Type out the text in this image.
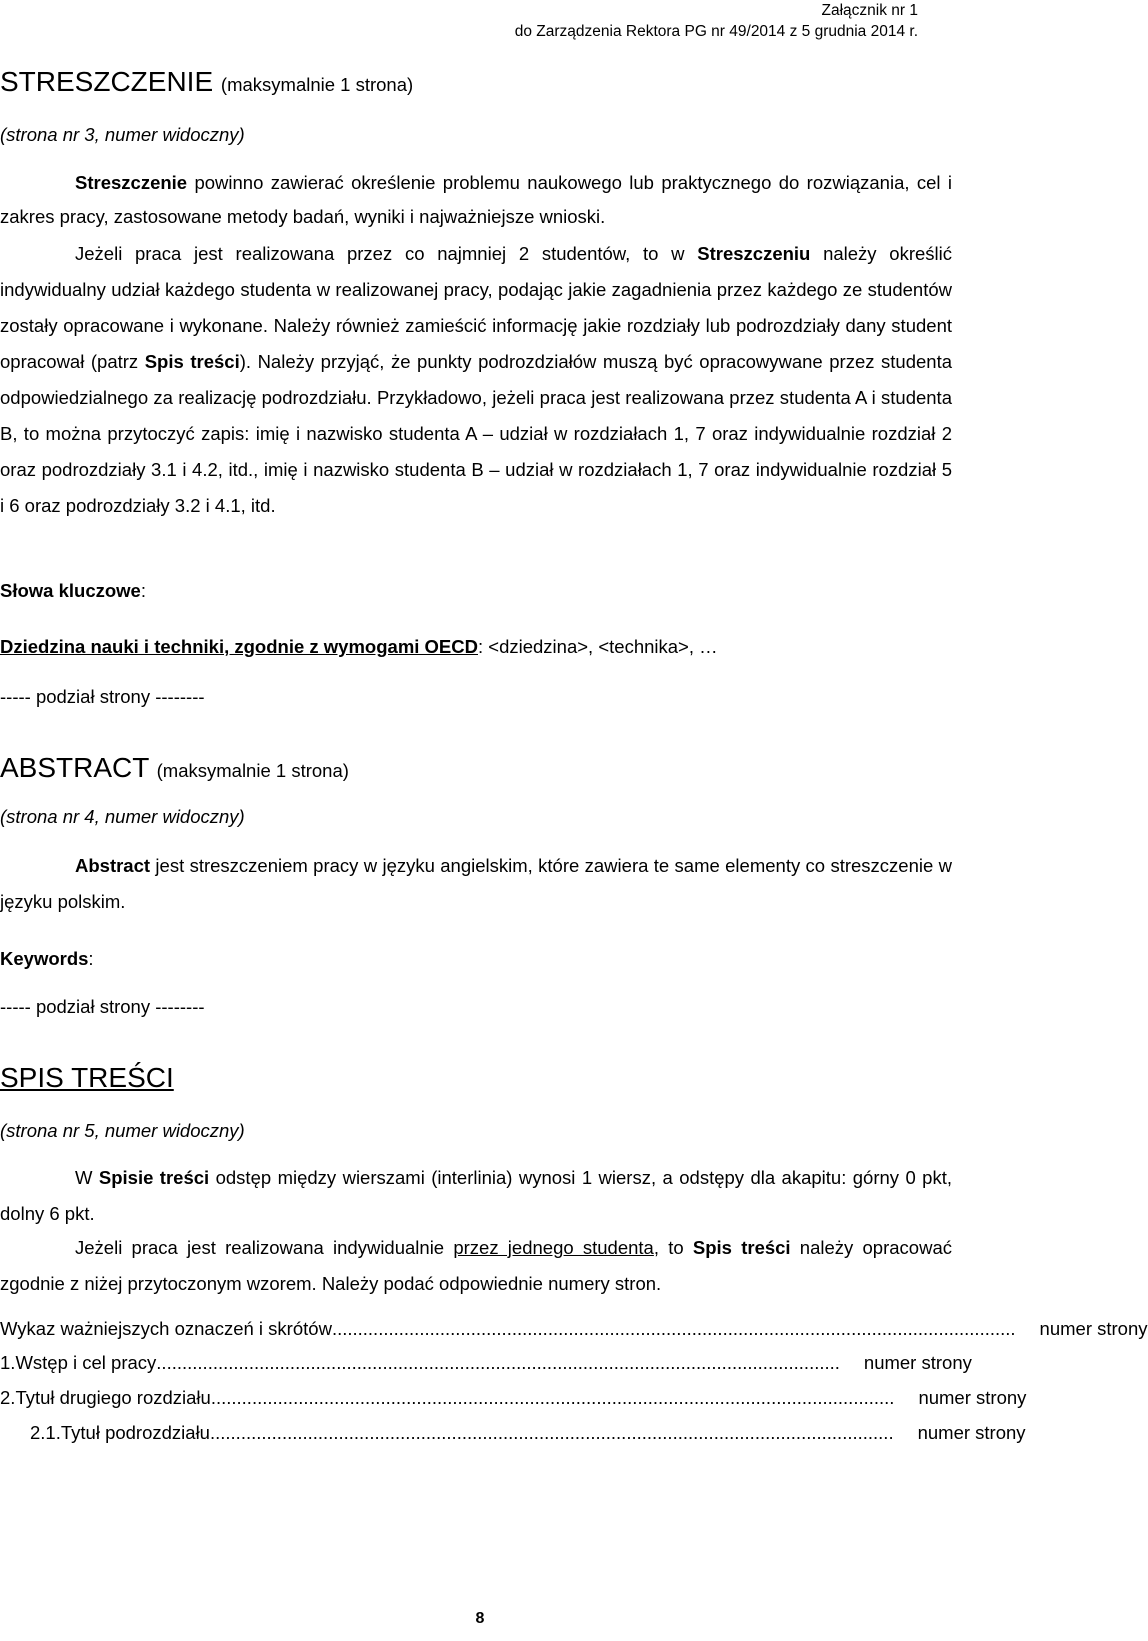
Załącznik nr 1
do Zarządzenia Rektora PG nr 49/2014 z 5 grudnia 2014 r.
STRESZCZENIE (maksymalnie 1 strona)
(strona nr 3, numer widoczny)

Streszczenie powinno zawierać określenie problemu naukowego lub praktycznego do rozwiązania, cel i zakres pracy, zastosowane metody badań, wyniki i najważniejsze wnioski.

Jeżeli praca jest realizowana przez co najmniej 2 studentów, to w Streszczeniu należy określić indywidualny udział każdego studenta w realizowanej pracy, podając jakie zagadnienia przez każdego ze studentów zostały opracowane i wykonane. Należy również zamieścić informację jakie rozdziały lub podrozdziały dany student opracował (patrz Spis treści). Należy przyjąć, że punkty podrozdziałów muszą być opracowywane przez studenta odpowiedzialnego za realizację podrozdziału. Przykładowo, jeżeli praca jest realizowana przez studenta A i studenta B, to można przytoczyć zapis: imię i nazwisko studenta A – udział w rozdziałach 1, 7 oraz indywidualnie rozdział 2 oraz podrozdziały 3.1 i 4.2, itd., imię i nazwisko studenta B – udział w rozdziałach 1, 7 oraz indywidualnie rozdział 5 i 6 oraz podrozdziały 3.2 i 4.1, itd.

Słowa kluczowe:
Dziedzina nauki i techniki, zgodnie z wymogami OECD: <dziedzina>, <technika>, …
----- podział strony --------
ABSTRACT (maksymalnie 1 strona)
(strona nr 4, numer widoczny)

Abstract jest streszczeniem pracy w języku angielskim, które zawiera te same elementy co streszczenie w języku polskim.

Keywords:
----- podział strony --------
SPIS TREŚCI
(strona nr 5, numer widoczny)

W Spisie treści odstęp między wierszami (interlinia) wynosi 1 wiersz, a odstępy dla akapitu: górny 0 pkt, dolny 6 pkt.

Jeżeli praca jest realizowana indywidualnie przez jednego studenta, to Spis treści należy opracować zgodnie z niżej przytoczonym wzorem. Należy podać odpowiednie numery stron.

Wykaz ważniejszych oznaczeń i skrótów .....................................................................................................................................	numer strony
1. Wstęp i cel pracy .....................................................................................................................................	numer strony
2. Tytuł drugiego rozdziału .....................................................................................................................................	numer strony
2.1. Tytuł podrozdziału .....................................................................................................................................	numer strony
8
